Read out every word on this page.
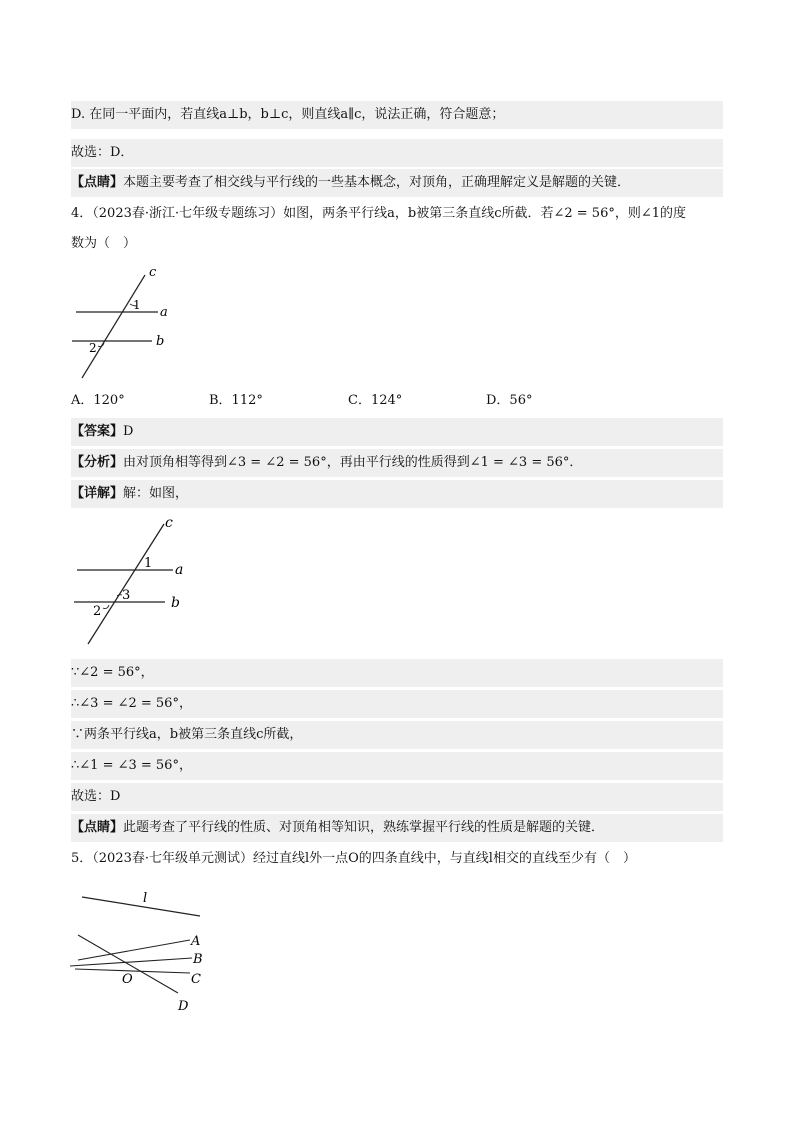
D. 在同一平面内，若直线a⊥b，b⊥c，则直线a∥c，说法正确，符合题意；
故选：D．
【点睛】本题主要考查了相交线与平行线的一些基本概念，对顶角，正确理解定义是解题的关键．
4．（2023春·浙江·七年级专题练习）如图，两条平行线a，b被第三条直线c所截．若∠2 = 56°，则∠1的度
数为（　）
c
a
b
1
2
A．120°	B．112°	C．124°	D．56°
【答案】D
【分析】由对顶角相等得到∠3 = ∠2 = 56°，再由平行线的性质得到∠1 = ∠3 = 56°．
【详解】解：如图，
c
a
b
1
2
3
∵∠2 = 56°，
∴∠3 = ∠2 = 56°，
∵两条平行线a，b被第三条直线c所截，
∴∠1 = ∠3 = 56°，
故选：D
【点睛】此题考查了平行线的性质、对顶角相等知识，熟练掌握平行线的性质是解题的关键．
5．（2023春·七年级单元测试）经过直线l外一点O的四条直线中，与直线l相交的直线至少有（　）
l
O
A
B
C
D
